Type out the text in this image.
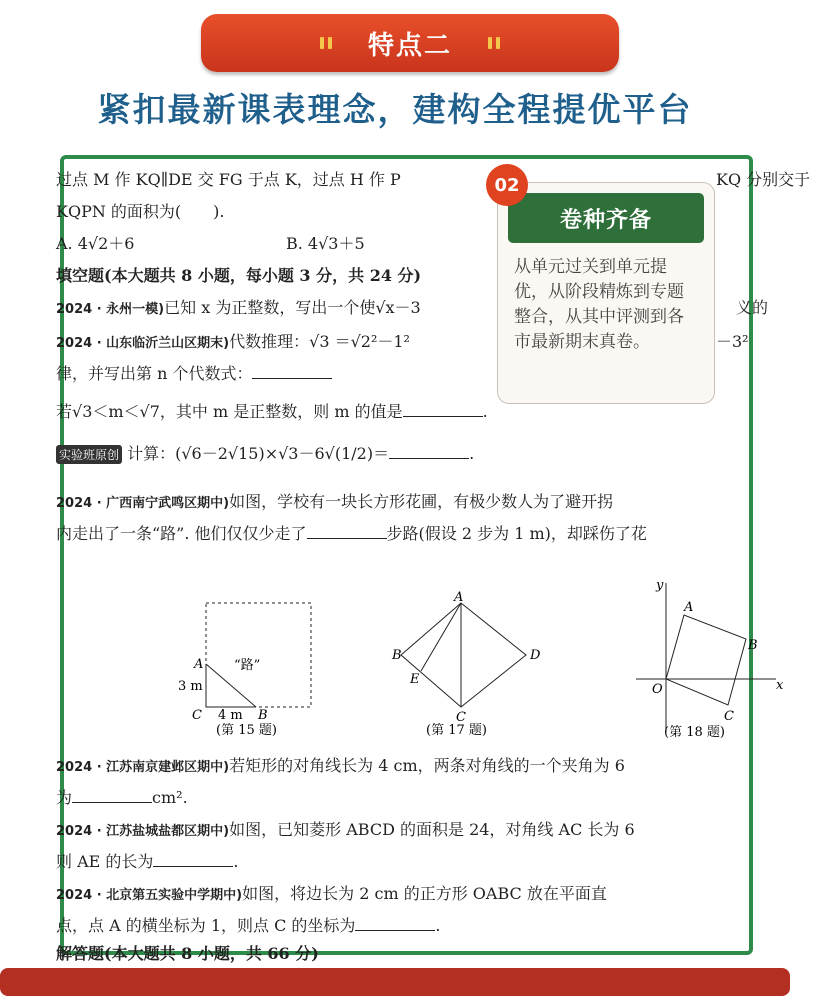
特点二
紧扣最新课表理念，建构全程提优平台
过点 M 作 KQ∥DE 交 FG 于点 K，过点 H 作 P	KQ 分别交于
KQPN 的面积为(　　).
A. 4√2＋6	B. 4√3＋5
填空题(本大题共 8 小题，每小题 3 分，共 24 分)
2024 · 永州一模)已知 x 为正整数，写出一个使√x－3	义的
2024 · 山东临沂兰山区期末)代数推理：√3 ＝√2²－1²	－3²
律，并写出第 n 个代数式：
若√3＜m＜√7，其中 m 是正整数，则 m 的值是	.
实验班原创 计算：(√6－2√15)×√3－6√(1/2)＝	.
2024 · 广西南宁武鸣区期中)如图，学校有一块长方形花圃，有极少数人为了避开拐
内走出了一条“路”. 他们仅仅少走了	步路(假设 2 步为 1 m)，却踩伤了花
A
B
C
“路”
3 m
4 m
(第 15 题)
A
B
C
D
E
(第 17 题)
y
x
O
A
B
C
(第 18 题)
2024 · 江苏南京建邺区期中)若矩形的对角线长为 4 cm，两条对角线的一个夹角为 6
为	cm².
2024 · 江苏盐城盐都区期中)如图，已知菱形 ABCD 的面积是 24，对角线 AC 长为 6
则 AE 的长为	.
2024 · 北京第五实验中学期中)如图，将边长为 2 cm 的正方形 OABC 放在平面直
点，点 A 的横坐标为 1，则点 C 的坐标为	.
解答题(本大题共 8 小题，共 66 分)
卷种齐备
从单元过关到单元提优，从阶段精炼到专题整合，从其中评测到各市最新期末真卷。
02
